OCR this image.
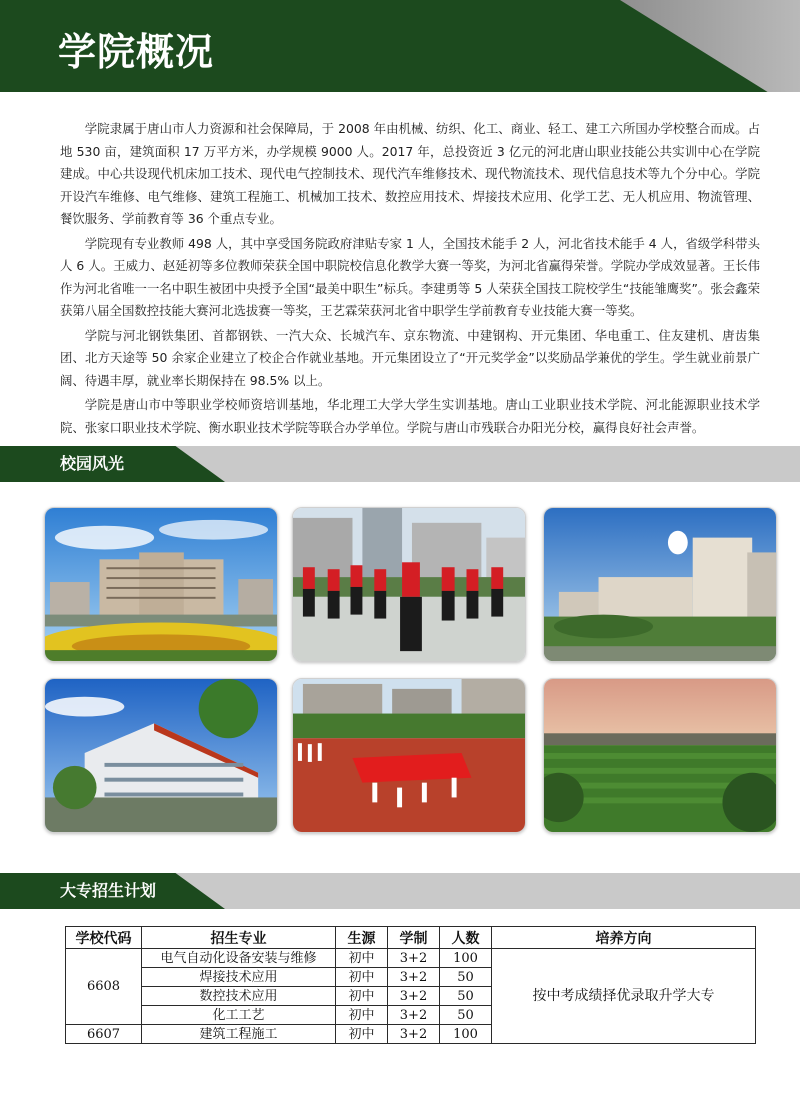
学院概况

学院隶属于唐山市人力资源和社会保障局，于 2008 年由机械、纺织、化工、商业、轻工、建工六所国办学校整合而成。占地 530 亩，建筑面积 17 万平方米，办学规模 9000 人。2017 年，总投资近 3 亿元的河北唐山职业技能公共实训中心在学院建成。中心共设现代机床加工技术、现代电气控制技术、现代汽车维修技术、现代物流技术、现代信息技术等九个分中心。学院开设汽车维修、电气维修、建筑工程施工、机械加工技术、数控应用技术、焊接技术应用、化学工艺、无人机应用、物流管理、餐饮服务、学前教育等 36 个重点专业。

学院现有专业教师 498 人，其中享受国务院政府津贴专家 1 人，全国技术能手 2 人，河北省技术能手 4 人，省级学科带头人 6 人。王威力、赵延初等多位教师荣获全国中职院校信息化教学大赛一等奖，为河北省赢得荣誉。学院办学成效显著。王长伟作为河北省唯一一名中职生被团中央授予全国“最美中职生”标兵。李建勇等 5 人荣获全国技工院校学生“技能雏鹰奖”。张会鑫荣获第八届全国数控技能大赛河北选拔赛一等奖，王艺霖荣获河北省中职学生学前教育专业技能大赛一等奖。

学院与河北钢铁集团、首都钢铁、一汽大众、长城汽车、京东物流、中建钢构、开元集团、华电重工、住友建机、唐齿集团、北方天途等 50 余家企业建立了校企合作就业基地。开元集团设立了“开元奖学金”以奖励品学兼优的学生。学生就业前景广阔、待遇丰厚，就业率长期保持在 98.5% 以上。

学院是唐山市中等职业学校师资培训基地，华北理工大学大学生实训基地。唐山工业职业技术学院、河北能源职业技术学院、张家口职业技术学院、衡水职业技术学院等联合办学单位。学院与唐山市残联合办阳光分校，赢得良好社会声誉。

校园风光
大专招生计划
学校代码	招生专业	生源	学制	人数	培养方向
6608	电气自动化设备安装与维修	初中	3+2	100	按中考成绩择优录取升学大专
	焊接技术应用	初中	3+2	50	
	数控技术应用	初中	3+2	50	
	化工工艺	初中	3+2	50	
6607	建筑工程施工	初中	3+2	100	
